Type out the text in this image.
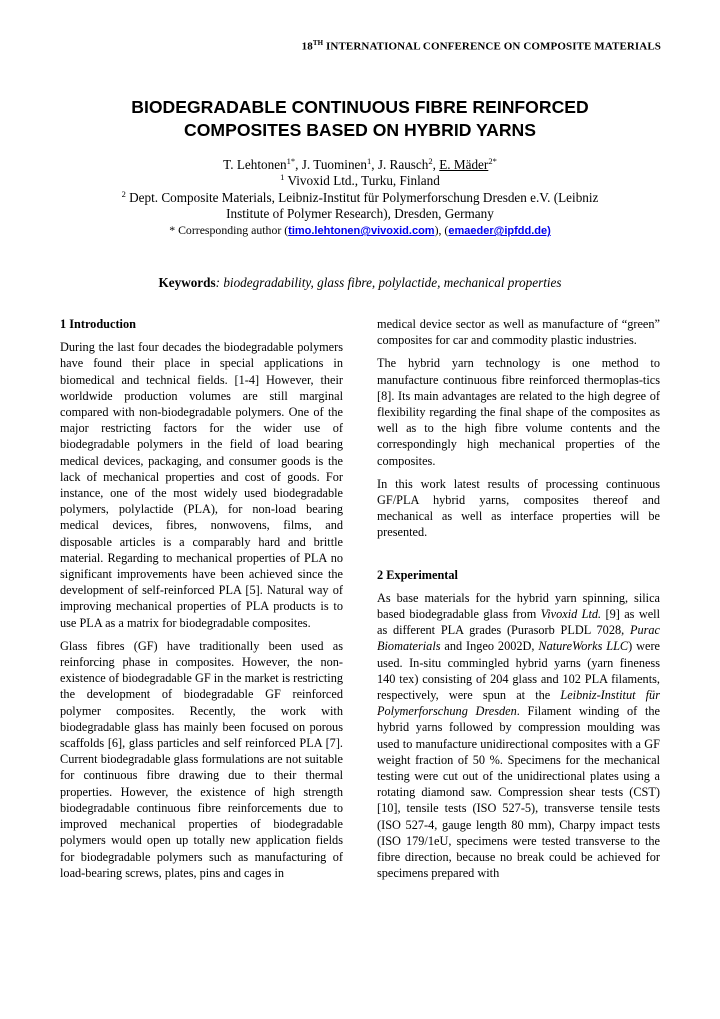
18TH INTERNATIONAL CONFERENCE ON COMPOSITE MATERIALS
BIODEGRADABLE CONTINUOUS FIBRE REINFORCED
COMPOSITES BASED ON HYBRID YARNS
T. Lehtonen$^{1*}$, J. Tuominen$^1$, J. Rausch$^2$, E. Mäder$^{2*}$
$^1$ Vivoxid Ltd., Turku, Finland
$^2$ Dept. Composite Materials, Leibniz-Institut für Polymerforschung Dresden e.V. (Leibniz
Institute of Polymer Research), Dresden, Germany
* Corresponding author (timo.lehtonen@vivoxid.com), (emaeder@ipfdd.de)
Keywords: biodegradability, glass fibre, polylactide, mechanical properties
1 Introduction

During the last four decades the biodegradable polymers have found their place in special applications in biomedical and technical fields. [1-4] However, their worldwide production volumes are still marginal compared with non-biodegradable polymers. One of the major restricting factors for the wider use of biodegradable polymers in the field of load bearing medical devices, packaging, and consumer goods is the lack of mechanical properties and cost of goods. For instance, one of the most widely used biodegradable polymers, polylactide (PLA), for non-load bearing medical devices, fibres, nonwovens, films, and disposable articles is a comparably hard and brittle material. Regarding to mechanical properties of PLA no significant improvements have been achieved since the development of self-reinforced PLA [5]. Natural way of improving mechanical properties of PLA products is to use PLA as a matrix for biodegradable composites.

Glass fibres (GF) have traditionally been used as reinforcing phase in composites. However, the non-existence of biodegradable GF in the market is restricting the development of biodegradable GF reinforced polymer composites. Recently, the work with biodegradable glass has mainly been focused on porous scaffolds [6], glass particles and self reinforced PLA [7]. Current biodegradable glass formulations are not suitable for continuous fibre drawing due to their thermal properties. However, the existence of high strength biodegradable continuous fibre reinforcements due to improved mechanical properties of biodegradable polymers would open up totally new application fields for biodegradable polymers such as manufacturing of load-bearing screws, plates, pins and cages in

medical device sector as well as manufacture of “green” composites for car and commodity plastic industries.

The hybrid yarn technology is one method to manufacture continuous fibre reinforced thermoplas-tics [8]. Its main advantages are related to the high degree of flexibility regarding the final shape of the composites as well as to the high fibre volume contents and the correspondingly high mechanical properties of the composites.

In this work latest results of processing continuous GF/PLA hybrid yarns, composites thereof and mechanical as well as interface properties will be presented.

2 Experimental

As base materials for the hybrid yarn spinning, silica based biodegradable glass from Vivoxid Ltd. [9] as well as different PLA grades (Purasorb PLDL 7028, Purac Biomaterials and Ingeo 2002D, NatureWorks LLC) were used. In-situ commingled hybrid yarns (yarn fineness 140 tex) consisting of 204 glass and 102 PLA filaments, respectively, were spun at the Leibniz-Institut für Polymerforschung Dresden. Filament winding of the hybrid yarns followed by compression moulding was used to manufacture unidirectional composites with a GF weight fraction of 50 %. Specimens for the mechanical testing were cut out of the unidirectional plates using a rotating diamond saw. Compression shear tests (CST) [10], tensile tests (ISO 527-5), transverse tensile tests (ISO 527-4, gauge length 80 mm), Charpy impact tests (ISO 179/1eU, specimens were tested transverse to the fibre direction, because no break could be achieved for specimens prepared with
